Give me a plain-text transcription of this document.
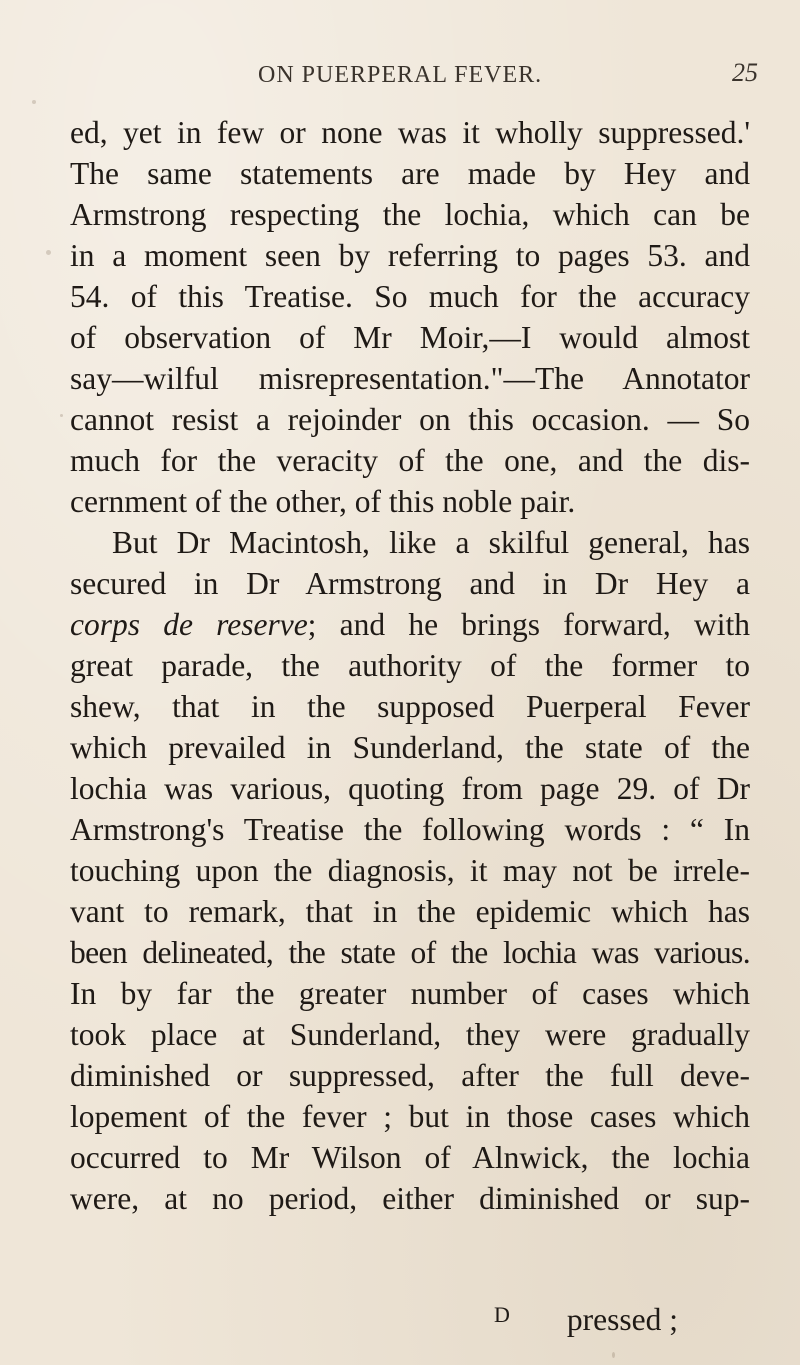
ON PUERPERAL FEVER.	25
ed, yet in few or none was it wholly suppressed.'
The same statements are made by Hey and
Armstrong respecting the lochia, which can be
in a moment seen by referring to pages 53. and
54. of this Treatise. So much for the accuracy
of observation of Mr Moir,—I would almost
say—wilful misrepresentation."—The Annotator
cannot resist a rejoinder on this occasion. — So
much for the veracity of the one, and the dis-
cernment of the other, of this noble pair.
But Dr Macintosh, like a skilful general, has
secured in Dr Armstrong and in Dr Hey a
corps de reserve; and he brings forward, with
great parade, the authority of the former to
shew, that in the supposed Puerperal Fever
which prevailed in Sunderland, the state of the
lochia was various, quoting from page 29. of Dr
Armstrong's Treatise the following words : “ In
touching upon the diagnosis, it may not be irrele-
vant to remark, that in the epidemic which has
been delineated, the state of the lochia was various.
In by far the greater number of cases which
took place at Sunderland, they were gradually
diminished or suppressed, after the full deve-
lopement of the fever ; but in those cases which
occurred to Mr Wilson of Alnwick, the lochia
were, at no period, either diminished or sup-
D pressed ;
